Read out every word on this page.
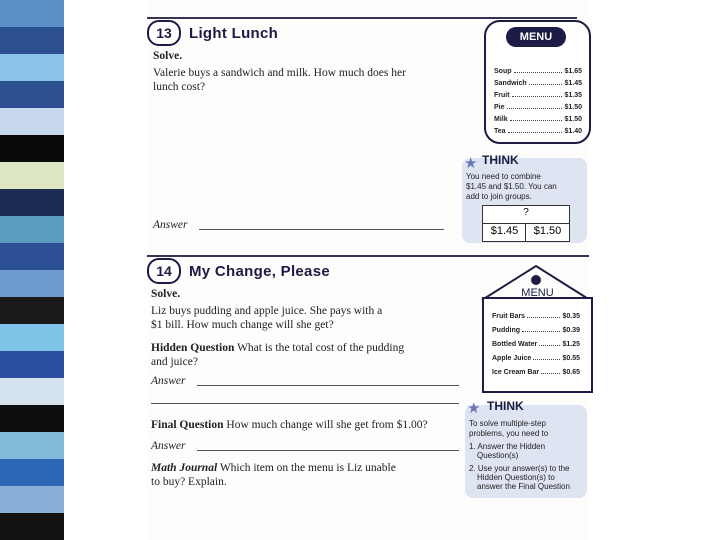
13	Light Lunch
Solve.
Valerie buys a sandwich and milk. How much does her
lunch cost?
Answer
MENU
Soup	$1.65
Sandwich	$1.45
Fruit	$1.35
Pie	$1.50
Milk	$1.50
Tea	$1.40
★ THINK
You need to combine
$1.45 and $1.50. You can
add to join groups.
?
$1.45	$1.50
14	My Change, Please
Solve.
Liz buys pudding and apple juice. She pays with a
$1 bill. How much change will she get?
Hidden Question What is the total cost of the pudding
and juice?
Answer
Final Question How much change will she get from $1.00?
Answer
Math Journal Which item on the menu is Liz unable
to buy? Explain.
MENU
Fruit Bars	$0.35
Pudding	$0.39
Bottled Water	$1.25
Apple Juice	$0.55
Ice Cream Bar	$0.65
★ THINK
To solve multiple-step
problems, you need to
1. Answer the Hidden
Question(s)
2. Use your answer(s) to the
Hidden Question(s) to
answer the Final Question
